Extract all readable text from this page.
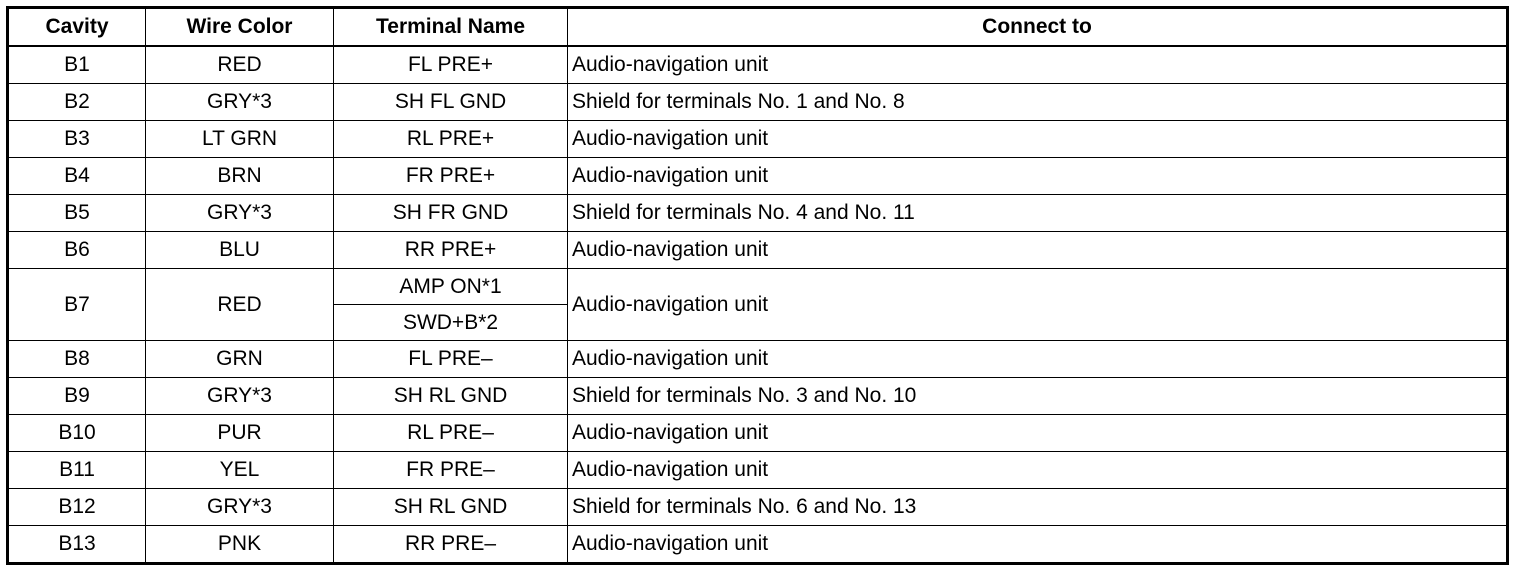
Cavity	Wire Color	Terminal Name	Connect to
B1	RED	FL PRE+	Audio-navigation unit
B2	GRY*3	SH FL GND	Shield for terminals No. 1 and No. 8
B3	LT GRN	RL PRE+	Audio-navigation unit
B4	BRN	FR PRE+	Audio-navigation unit
B5	GRY*3	SH FR GND	Shield for terminals No. 4 and No. 11
B6	BLU	RR PRE+	Audio-navigation unit
B7	RED	AMP ON*1	Audio-navigation unit
		SWD+B*2	
B8	GRN	FL PRE–	Audio-navigation unit
B9	GRY*3	SH RL GND	Shield for terminals No. 3 and No. 10
B10	PUR	RL PRE–	Audio-navigation unit
B11	YEL	FR PRE–	Audio-navigation unit
B12	GRY*3	SH RL GND	Shield for terminals No. 6 and No. 13
B13	PNK	RR PRE–	Audio-navigation unit
